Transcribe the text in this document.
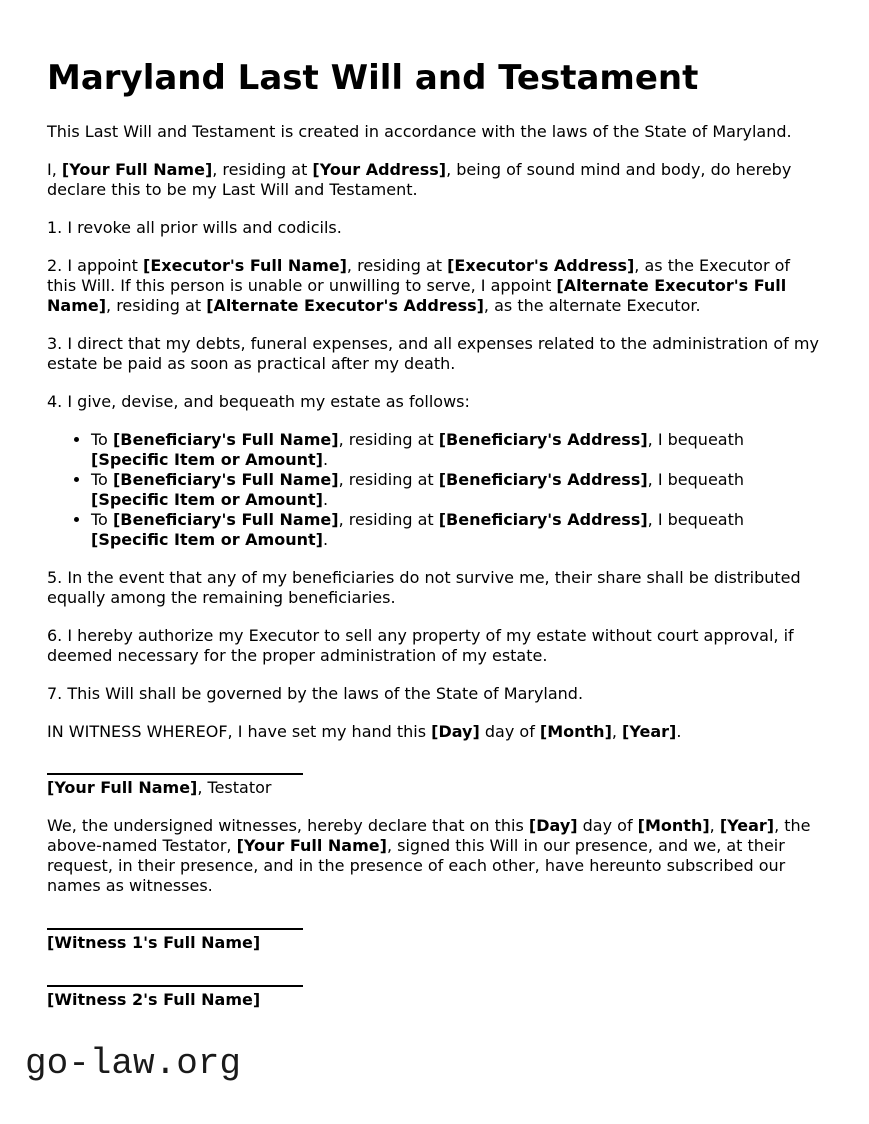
Maryland Last Will and Testament

This Last Will and Testament is created in accordance with the laws of the State of Maryland.

I, [Your Full Name], residing at [Your Address], being of sound mind and body, do hereby declare this to be my Last Will and Testament.

1. I revoke all prior wills and codicils.

2. I appoint [Executor's Full Name], residing at [Executor's Address], as the Executor of this Will. If this person is unable or unwilling to serve, I appoint [Alternate Executor's Full Name], residing at [Alternate Executor's Address], as the alternate Executor.

3. I direct that my debts, funeral expenses, and all expenses related to the administration of my estate be paid as soon as practical after my death.

4. I give, devise, and bequeath my estate as follows:

• To [Beneficiary's Full Name], residing at [Beneficiary's Address], I bequeath [Specific Item or Amount].
• To [Beneficiary's Full Name], residing at [Beneficiary's Address], I bequeath [Specific Item or Amount].
• To [Beneficiary's Full Name], residing at [Beneficiary's Address], I bequeath [Specific Item or Amount].

5. In the event that any of my beneficiaries do not survive me, their share shall be distributed equally among the remaining beneficiaries.

6. I hereby authorize my Executor to sell any property of my estate without court approval, if deemed necessary for the proper administration of my estate.

7. This Will shall be governed by the laws of the State of Maryland.

IN WITNESS WHEREOF, I have set my hand this [Day] day of [Month], [Year].

[Your Full Name], Testator

We, the undersigned witnesses, hereby declare that on this [Day] day of [Month], [Year], the above-named Testator, [Your Full Name], signed this Will in our presence, and we, at their request, in their presence, and in the presence of each other, have hereunto subscribed our names as witnesses.

[Witness 1's Full Name]

[Witness 2's Full Name]

go-law.org
